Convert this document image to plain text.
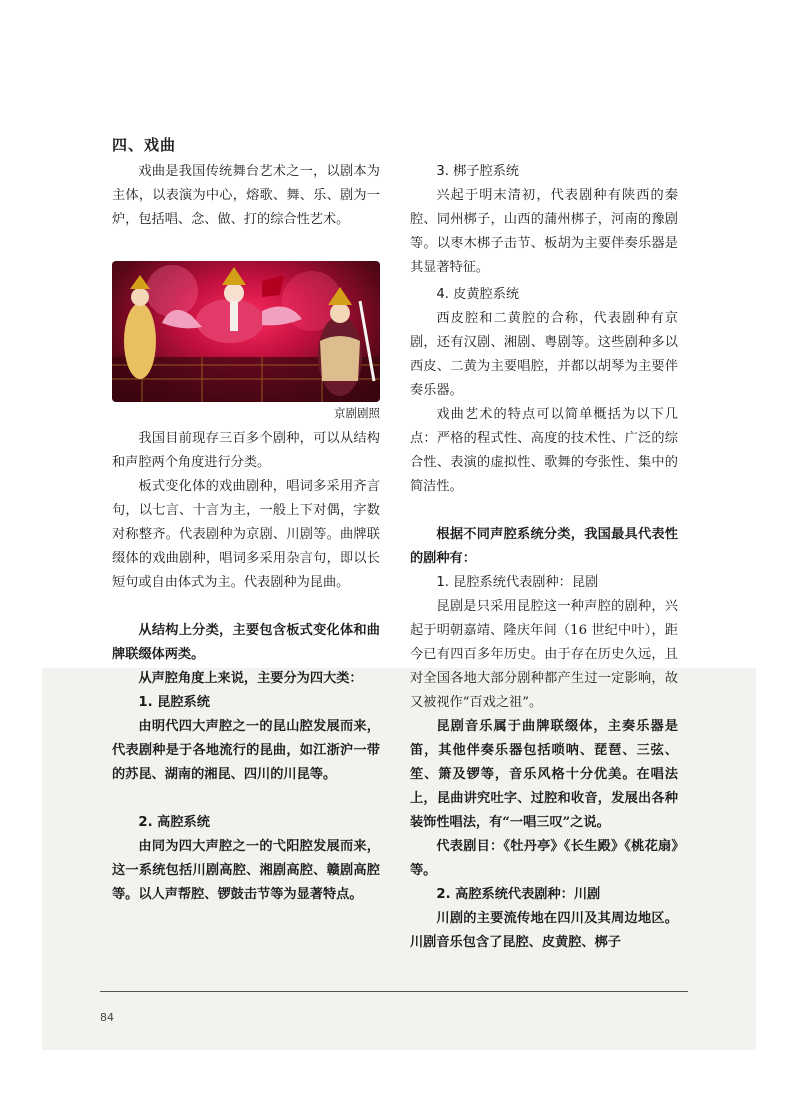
四、戏曲

戏曲是我国传统舞台艺术之一，以剧本为主体，以表演为中心，熔歌、舞、乐、剧为一炉，包括唱、念、做、打的综合性艺术。

京剧剧照

我国目前现存三百多个剧种，可以从结构和声腔两个角度进行分类。

板式变化体的戏曲剧种，唱词多采用齐言句，以七言、十言为主，一般上下对偶，字数对称整齐。代表剧种为京剧、川剧等。曲牌联缀体的戏曲剧种，唱词多采用杂言句，即以长短句或自由体式为主。代表剧种为昆曲。

从结构上分类，主要包含板式变化体和曲牌联缀体两类。

从声腔角度上来说，主要分为四大类：

1. 昆腔系统

由明代四大声腔之一的昆山腔发展而来，代表剧种是于各地流行的昆曲，如江浙沪一带的苏昆、湖南的湘昆、四川的川昆等。

2. 高腔系统

由同为四大声腔之一的弋阳腔发展而来，这一系统包括川剧高腔、湘剧高腔、赣剧高腔等。以人声帮腔、锣鼓击节等为显著特点。

3. 梆子腔系统

兴起于明末清初，代表剧种有陕西的秦腔、同州梆子，山西的蒲州梆子，河南的豫剧等。以枣木梆子击节、板胡为主要伴奏乐器是其显著特征。

4. 皮黄腔系统

西皮腔和二黄腔的合称，代表剧种有京剧，还有汉剧、湘剧、粤剧等。这些剧种多以西皮、二黄为主要唱腔，并都以胡琴为主要伴奏乐器。

戏曲艺术的特点可以简单概括为以下几点：严格的程式性、高度的技术性、广泛的综合性、表演的虚拟性、歌舞的夸张性、集中的简洁性。

根据不同声腔系统分类，我国最具代表性的剧种有：

1. 昆腔系统代表剧种：昆剧

昆剧是只采用昆腔这一种声腔的剧种，兴起于明朝嘉靖、隆庆年间（16 世纪中叶），距今已有四百多年历史。由于存在历史久远，且对全国各地大部分剧种都产生过一定影响，故又被视作“百戏之祖”。

昆剧音乐属于曲牌联缀体，主奏乐器是笛，其他伴奏乐器包括唢呐、琵琶、三弦、笙、箫及锣等，音乐风格十分优美。在唱法上，昆曲讲究吐字、过腔和收音，发展出各种装饰性唱法，有“一唱三叹”之说。

代表剧目：《牡丹亭》《长生殿》《桃花扇》等。

2. 高腔系统代表剧种：川剧

川剧的主要流传地在四川及其周边地区。川剧音乐包含了昆腔、皮黄腔、梆子

84
